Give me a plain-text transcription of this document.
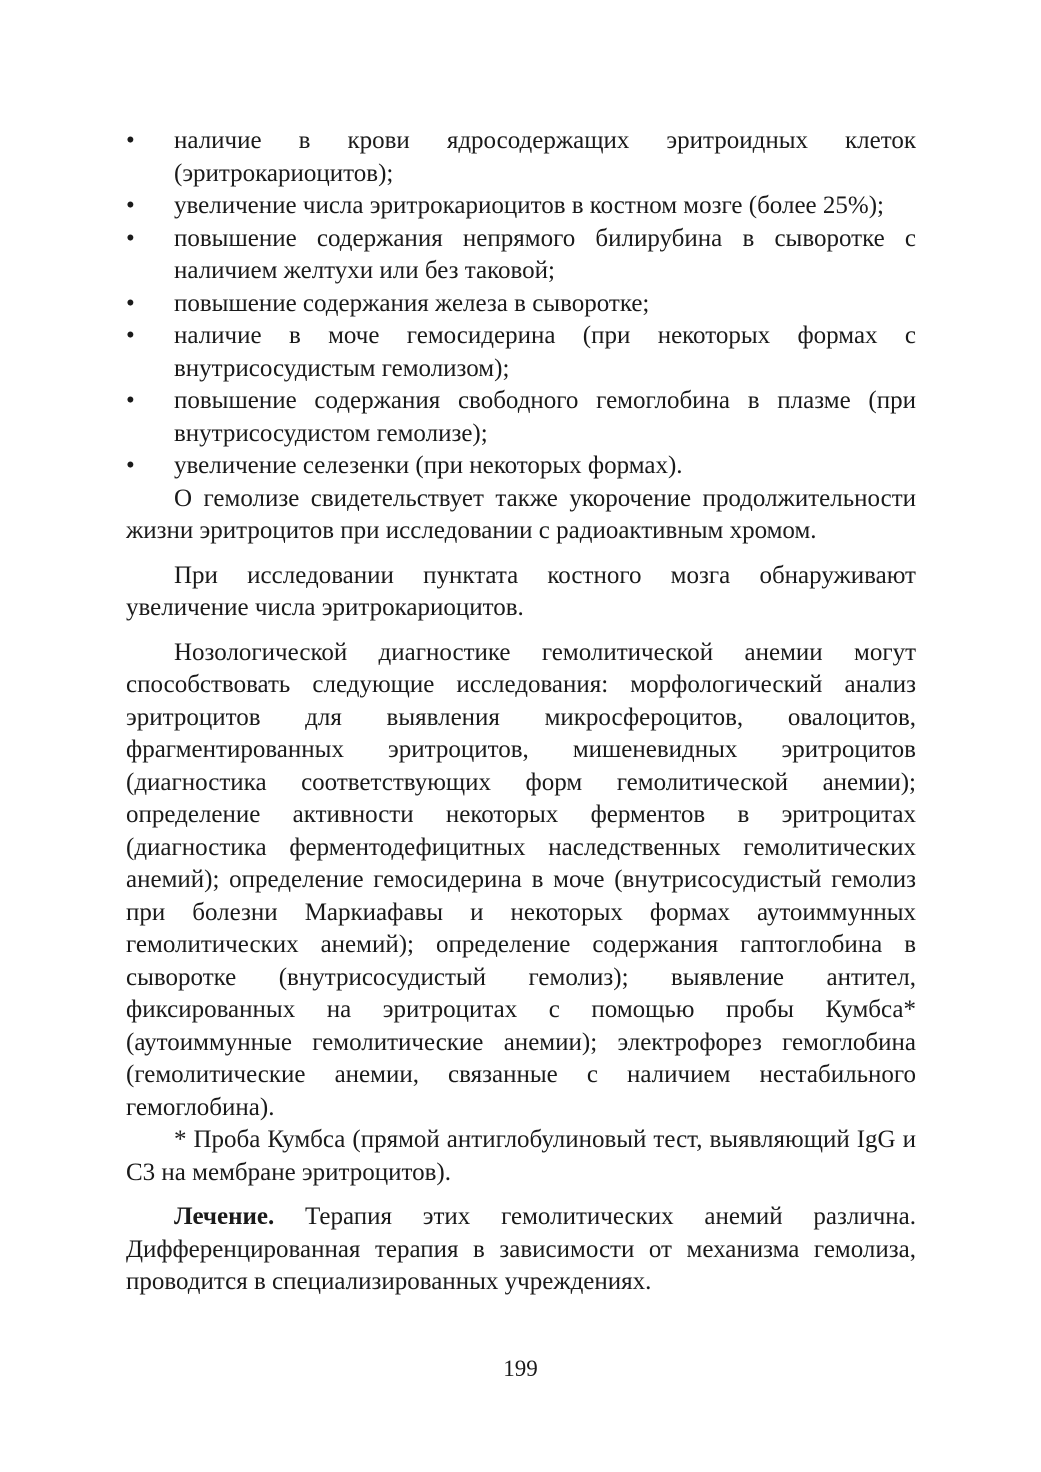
•	наличие в крови ядросодержащих эритроидных клеток (эритрокариоцитов);
•	увеличение числа эритрокариоцитов в костном мозге (более 25%);
•	повышение содержания непрямого билирубина в сыворотке с наличием желтухи или без таковой;
•	повышение содержания железа в сыворотке;
•	наличие в моче гемосидерина (при некоторых формах с внутрисосудистым гемолизом);
•	повышение содержания свободного гемоглобина в плазме (при внутрисосудистом гемолизе);
•	увеличение селезенки (при некоторых формах).

О гемолизе свидетельствует также укорочение продолжительности жизни эритроцитов при исследовании с радиоактивным хромом.

При исследовании пунктата костного мозга обнаруживают увеличение числа эритрокариоцитов.

Нозологической диагностике гемолитической анемии могут способствовать следующие исследования: морфологический анализ эритроцитов для выявления микросфероцитов, овалоцитов, фрагментированных эритроцитов, мишеневидных эритроцитов (диагностика соответствующих форм гемолитической анемии); определение активности некоторых ферментов в эритроцитах (диагностика ферментодефицитных наследственных гемолитических анемий); определение гемосидерина в моче (внутрисосудистый гемолиз при болезни Маркиафавы и некоторых формах аутоиммунных гемолитических анемий); определение содержания гаптоглобина в сыворотке (внутрисосудистый гемолиз); выявление антител, фиксированных на эритроцитах с помощью пробы Кумбса* (аутоиммунные гемолитические анемии); электрофорез гемоглобина (гемолитические анемии, связанные с наличием нестабильного гемоглобина).

* Проба Кумбса (прямой антиглобулиновый тест, выявляющий IgG и C3 на мембране эритроцитов).

Лечение. Терапия этих гемолитических анемий различна. Дифференцированная терапия в зависимости от механизма гемолиза, проводится в специализированных учреждениях.

199
